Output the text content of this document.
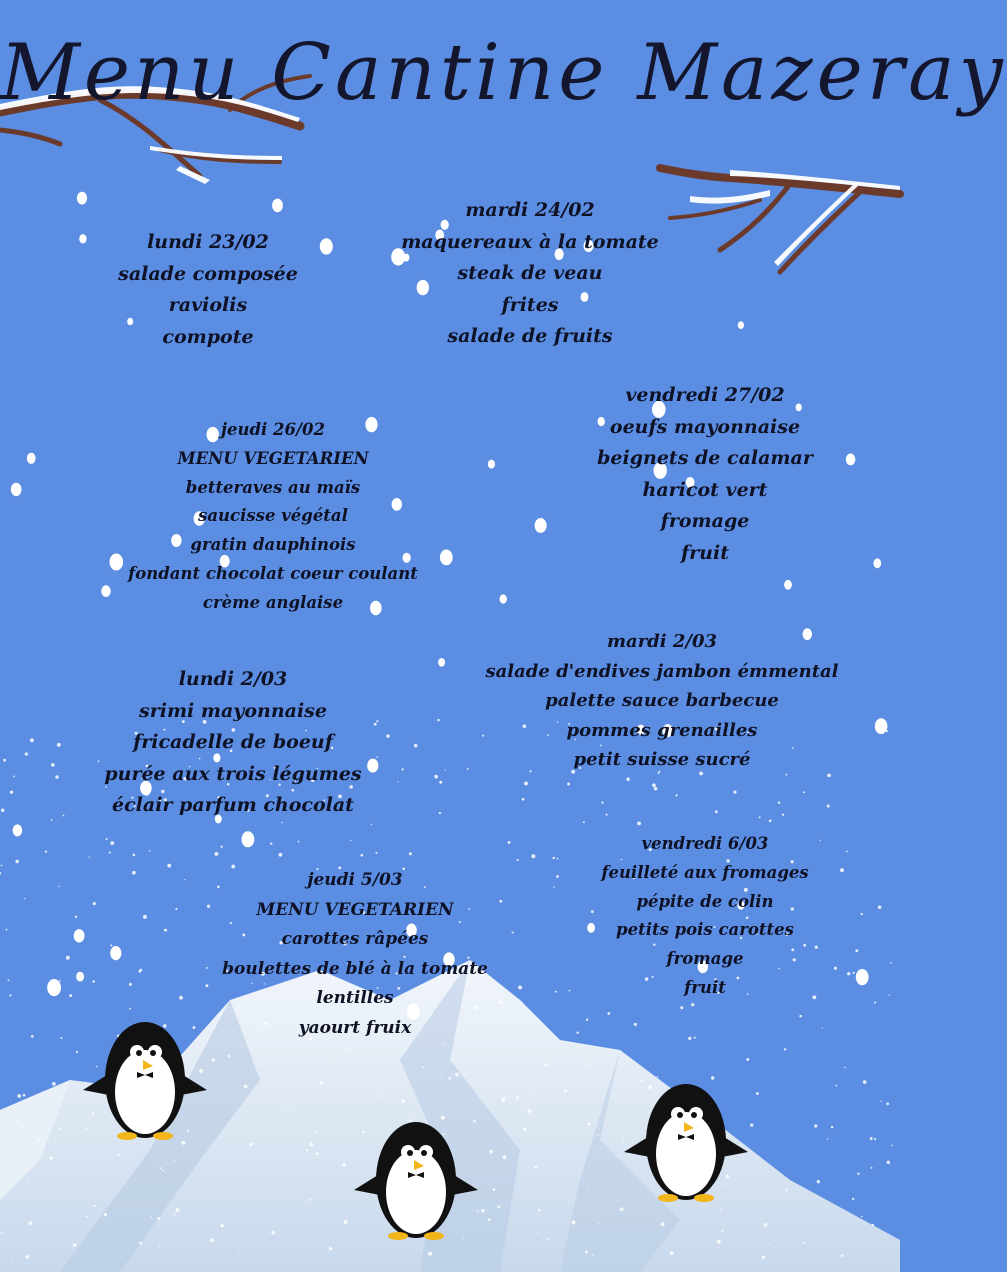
Menu Cantine Mazeray
lundi 23/02
salade composée
raviolis
compote
mardi 24/02
maquereaux à la tomate
steak de veau
frites
salade de fruits
jeudi 26/02
MENU VEGETARIEN
betteraves au maïs
saucisse végétal
gratin dauphinois
fondant chocolat coeur coulant
crème anglaise
vendredi 27/02
oeufs mayonnaise
beignets de calamar
haricot vert
fromage
fruit
lundi 2/03
srimi mayonnaise
fricadelle de boeuf
purée aux trois légumes
éclair parfum chocolat
mardi 2/03
salade d'endives jambon émmental
palette sauce barbecue
pommes grenailles
petit suisse sucré
jeudi 5/03
MENU VEGETARIEN
carottes râpées
boulettes de blé à la tomate
lentilles
yaourt fruix
vendredi 6/03
feuilleté aux fromages
pépite de colin
petits pois carottes
fromage
fruit
